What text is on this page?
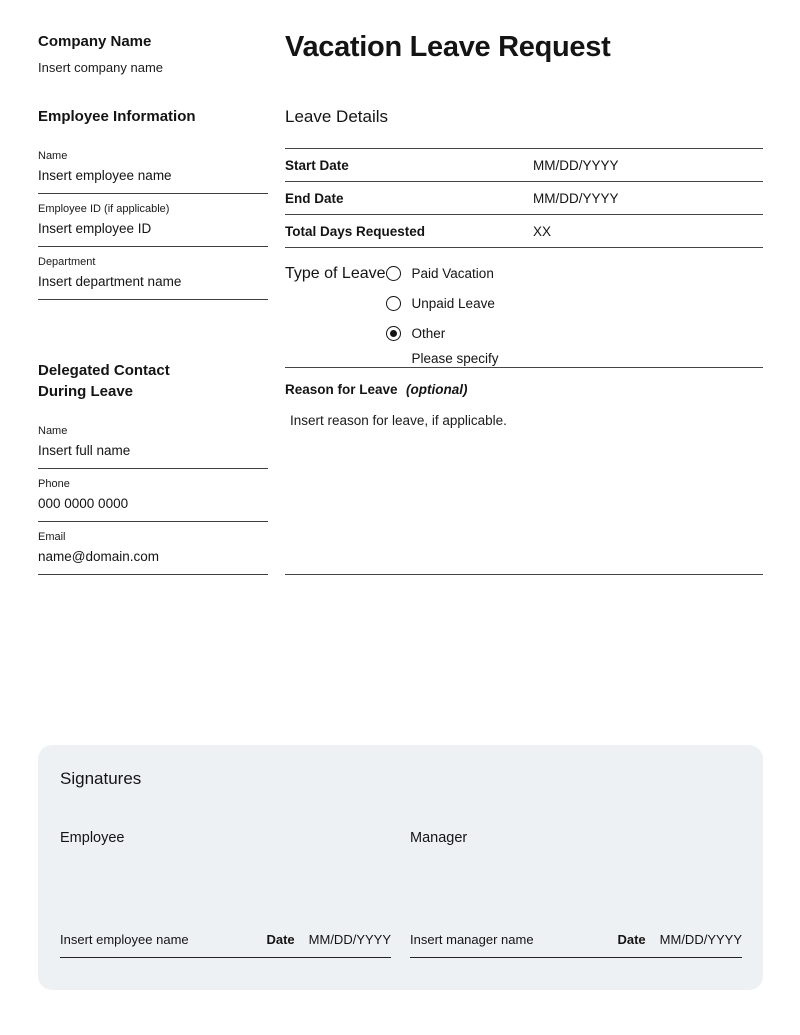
Company Name
Insert company name
Vacation Leave Request
Employee Information
Name
Insert employee name
Employee ID (if applicable)
Insert employee ID
Department
Insert department name
Delegated Contact
During Leave
Name
Insert full name
Phone
000 0000 0000
Email
name@domain.com
Leave Details
Start Date	MM/DD/YYYY
End Date	MM/DD/YYYY
Total Days Requested	XX
Type of Leave Paid Vacation
Unpaid Leave
Other
Please specify
Reason for Leave (optional)
Insert reason for leave, if applicable.
Signatures
Employee
Insert employee name	Date MM/DD/YYYY
Manager
Insert manager name	Date MM/DD/YYYY
